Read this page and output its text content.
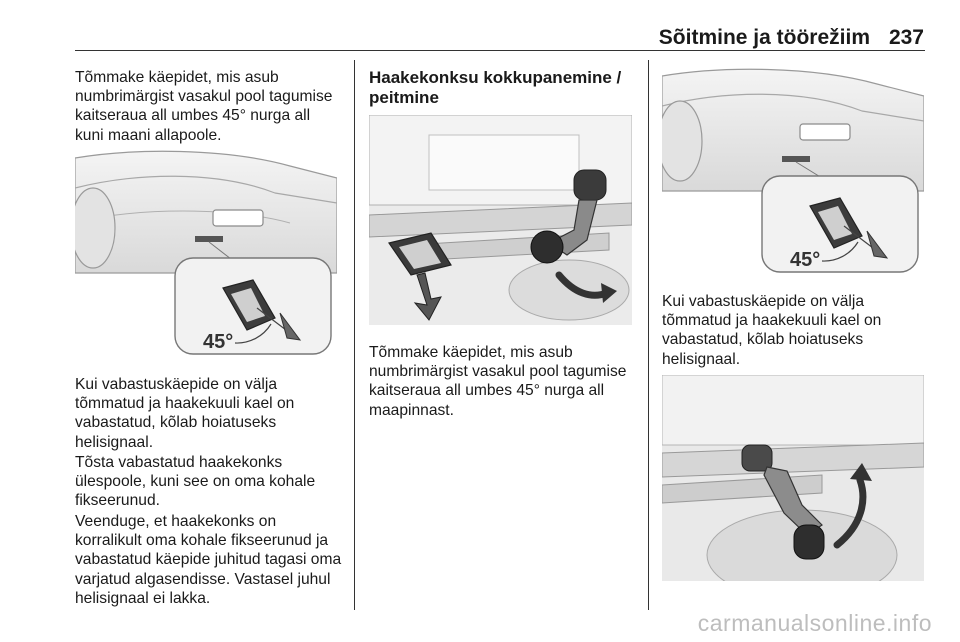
Sõitmine ja töörežiim 237

Tõmmake käepidet, mis asub numbrimärgist vasakul pool tagumise kaitseraua all umbes 45° nurga all kuni maani allapoole.

45°

Kui vabastuskäepide on välja tõmmatud ja haakekuuli kael on vabastatud, kõlab hoiatuseks helisignaal.

Tõsta vabastatud haakekonks ülespoole, kuni see on oma kohale fikseerunud.

Veenduge, et haakekonks on korralikult oma kohale fikseerunud ja vabastatud käepide juhitud tagasi oma varjatud algasendisse. Vastasel juhul helisignaal ei lakka.

Haakekonksu kokkupanemine / peitmine

Tõmmake käepidet, mis asub numbrimärgist vasakul pool tagumise kaitseraua all umbes 45° nurga all maapinnast.

45°

Kui vabastuskäepide on välja tõmmatud ja haakekuuli kael on vabastatud, kõlab hoiatuseks helisignaal.

carmanualsonline.info
